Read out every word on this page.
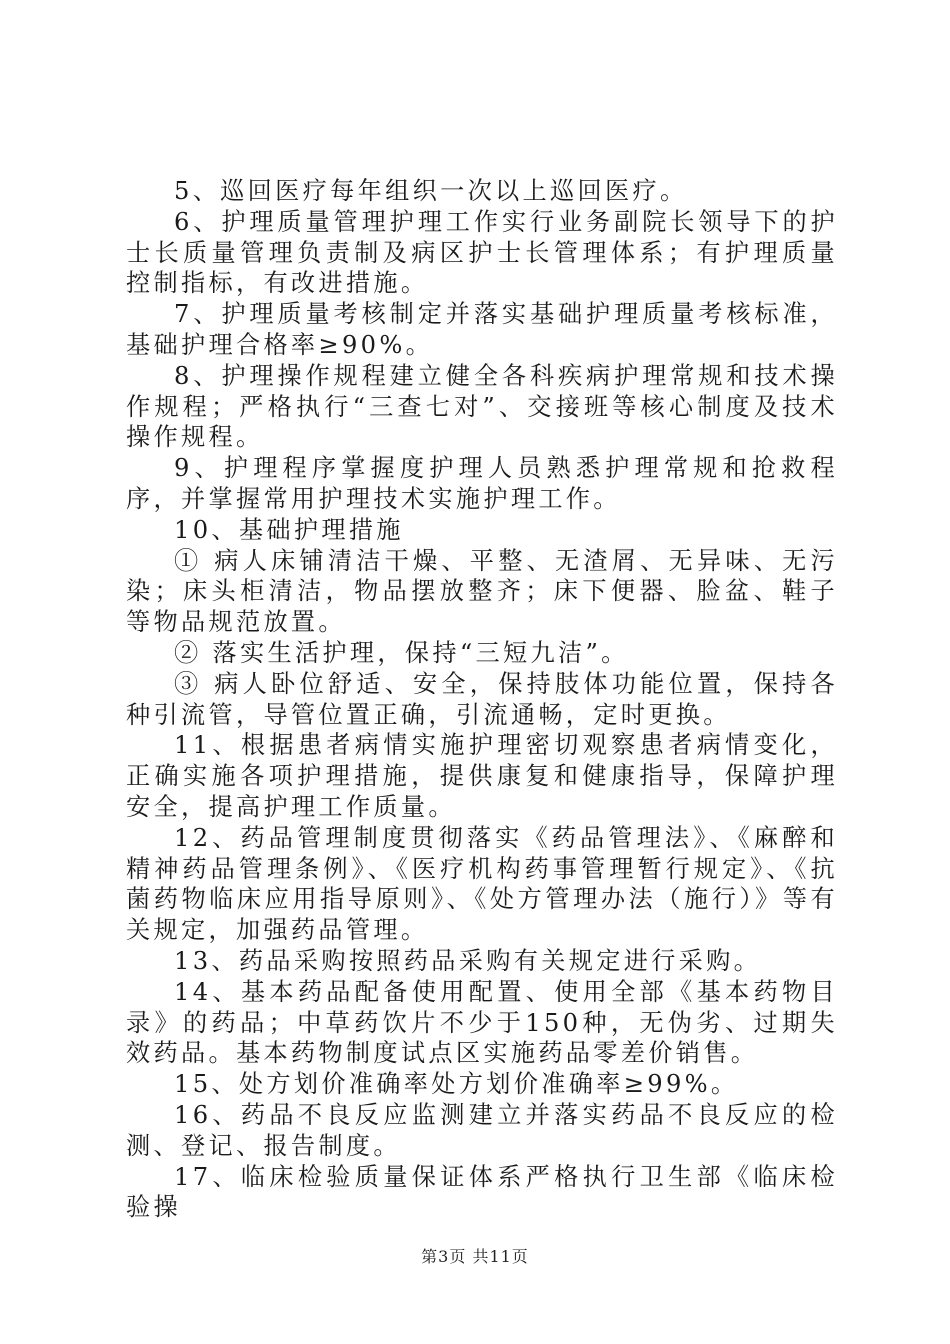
5、巡回医疗每年组织一次以上巡回医疗。

6、护理质量管理护理工作实行业务副院长领导下的护士长质量管理负责制及病区护士长管理体系；有护理质量控制指标，有改进措施。

7、护理质量考核制定并落实基础护理质量考核标准，基础护理合格率≥90%。

8、护理操作规程建立健全各科疾病护理常规和技术操作规程；严格执行“三查七对”、交接班等核心制度及技术操作规程。

9、护理程序掌握度护理人员熟悉护理常规和抢救程序，并掌握常用护理技术实施护理工作。

10、基础护理措施

① 病人床铺清洁干燥、平整、无渣屑、无异味、无污染；床头柜清洁，物品摆放整齐；床下便器、脸盆、鞋子等物品规范放置。

② 落实生活护理，保持“三短九洁”。

③ 病人卧位舒适、安全，保持肢体功能位置，保持各种引流管，导管位置正确，引流通畅，定时更换。

11、根据患者病情实施护理密切观察患者病情变化，正确实施各项护理措施，提供康复和健康指导，保障护理安全，提高护理工作质量。

12、药品管理制度贯彻落实《药品管理法》、《麻醉和精神药品管理条例》、《医疗机构药事管理暂行规定》、《抗菌药物临床应用指导原则》、《处方管理办法（施行）》等有关规定，加强药品管理。

13、药品采购按照药品采购有关规定进行采购。

14、基本药品配备使用配置、使用全部《基本药物目录》的药品；中草药饮片不少于150种，无伪劣、过期失效药品。基本药物制度试点区实施药品零差价销售。

15、处方划价准确率处方划价准确率≥99%。

16、药品不良反应监测建立并落实药品不良反应的检测、登记、报告制度。

17、临床检验质量保证体系严格执行卫生部《临床检验操

第3页 共11页
